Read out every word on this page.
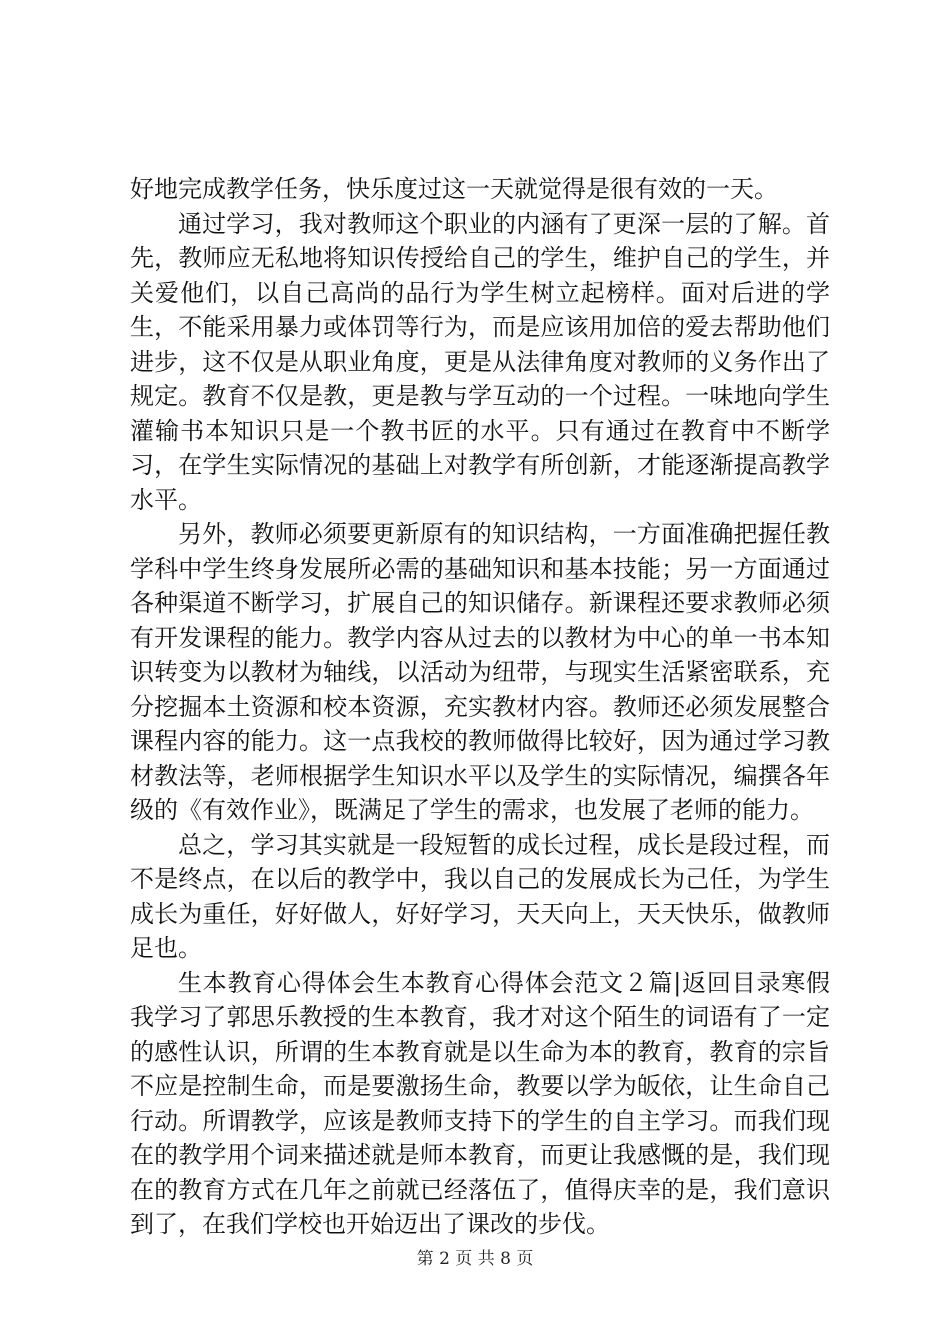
好地完成教学任务，快乐度过这一天就觉得是很有效的一天。

通过学习，我对教师这个职业的内涵有了更深一层的了解。首先，教师应无私地将知识传授给自己的学生，维护自己的学生，并关爱他们，以自己高尚的品行为学生树立起榜样。面对后进的学生，不能采用暴力或体罚等行为，而是应该用加倍的爱去帮助他们进步，这不仅是从职业角度，更是从法律角度对教师的义务作出了规定。教育不仅是教，更是教与学互动的一个过程。一味地向学生灌输书本知识只是一个教书匠的水平。只有通过在教育中不断学习，在学生实际情况的基础上对教学有所创新，才能逐渐提高教学水平。

另外，教师必须要更新原有的知识结构，一方面准确把握任教学科中学生终身发展所必需的基础知识和基本技能；另一方面通过各种渠道不断学习，扩展自己的知识储存。新课程还要求教师必须有开发课程的能力。教学内容从过去的以教材为中心的单一书本知识转变为以教材为轴线，以活动为纽带，与现实生活紧密联系，充分挖掘本土资源和校本资源，充实教材内容。教师还必须发展整合课程内容的能力。这一点我校的教师做得比较好，因为通过学习教材教法等，老师根据学生知识水平以及学生的实际情况，编撰各年级的《有效作业》，既满足了学生的需求，也发展了老师的能力。

总之，学习其实就是一段短暂的成长过程，成长是段过程，而不是终点，在以后的教学中，我以自己的发展成长为己任，为学生成长为重任，好好做人，好好学习，天天向上，天天快乐，做教师足也。

生本教育心得体会生本教育心得体会范文２篇|返回目录寒假我学习了郭思乐教授的生本教育，我才对这个陌生的词语有了一定的感性认识，所谓的生本教育就是以生命为本的教育，教育的宗旨不应是控制生命，而是要激扬生命，教要以学为皈依，让生命自己行动。所谓教学，应该是教师支持下的学生的自主学习。而我们现在的教学用个词来描述就是师本教育，而更让我感慨的是，我们现在的教育方式在几年之前就已经落伍了，值得庆幸的是，我们意识到了，在我们学校也开始迈出了课改的步伐。

第 2 页 共 8 页
